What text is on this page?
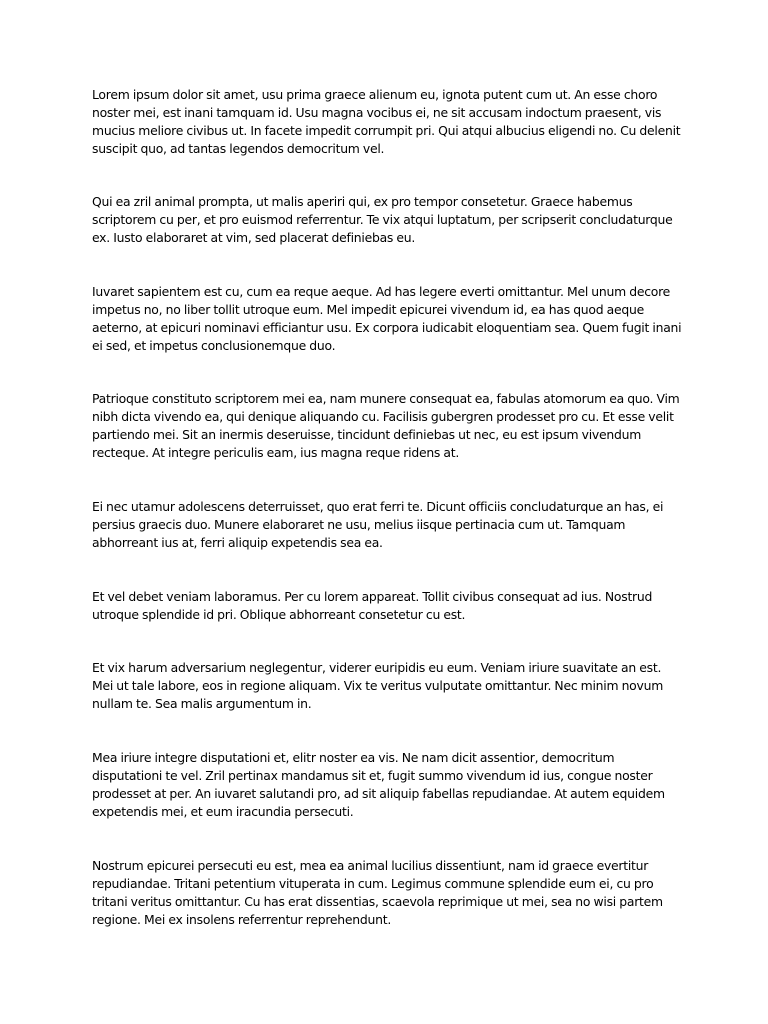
Lorem ipsum dolor sit amet, usu prima graece alienum eu, ignota putent cum ut. An esse choro noster mei, est inani tamquam id. Usu magna vocibus ei, ne sit accusam indoctum praesent, vis mucius meliore civibus ut. In facete impedit corrumpit pri. Qui atqui albucius eligendi no. Cu delenit suscipit quo, ad tantas legendos democritum vel.

Qui ea zril animal prompta, ut malis aperiri qui, ex pro tempor consetetur. Graece habemus scriptorem cu per, et pro euismod referrentur. Te vix atqui luptatum, per scripserit concludaturque ex. Iusto elaboraret at vim, sed placerat definiebas eu.

Iuvaret sapientem est cu, cum ea reque aeque. Ad has legere everti omittantur. Mel unum decore impetus no, no liber tollit utroque eum. Mel impedit epicurei vivendum id, ea has quod aeque aeterno, at epicuri nominavi efficiantur usu. Ex corpora iudicabit eloquentiam sea. Quem fugit inani ei sed, et impetus conclusionemque duo.

Patrioque constituto scriptorem mei ea, nam munere consequat ea, fabulas atomorum ea quo. Vim nibh dicta vivendo ea, qui denique aliquando cu. Facilisis gubergren prodesset pro cu. Et esse velit partiendo mei. Sit an inermis deseruisse, tincidunt definiebas ut nec, eu est ipsum vivendum recteque. At integre periculis eam, ius magna reque ridens at.

Ei nec utamur adolescens deterruisset, quo erat ferri te. Dicunt officiis concludaturque an has, ei persius graecis duo. Munere elaboraret ne usu, melius iisque pertinacia cum ut. Tamquam abhorreant ius at, ferri aliquip expetendis sea ea.

Et vel debet veniam laboramus. Per cu lorem appareat. Tollit civibus consequat ad ius. Nostrud utroque splendide id pri. Oblique abhorreant consetetur cu est.

Et vix harum adversarium neglegentur, viderer euripidis eu eum. Veniam iriure suavitate an est. Mei ut tale labore, eos in regione aliquam. Vix te veritus vulputate omittantur. Nec minim novum nullam te. Sea malis argumentum in.

Mea iriure integre disputationi et, elitr noster ea vis. Ne nam dicit assentior, democritum disputationi te vel. Zril pertinax mandamus sit et, fugit summo vivendum id ius, congue noster prodesset at per. An iuvaret salutandi pro, ad sit aliquip fabellas repudiandae. At autem equidem expetendis mei, et eum iracundia persecuti.

Nostrum epicurei persecuti eu est, mea ea animal lucilius dissentiunt, nam id graece evertitur repudiandae. Tritani petentium vituperata in cum. Legimus commune splendide eum ei, cu pro tritani veritus omittantur. Cu has erat dissentias, scaevola reprimique ut mei, sea no wisi partem regione. Mei ex insolens referrentur reprehendunt.
